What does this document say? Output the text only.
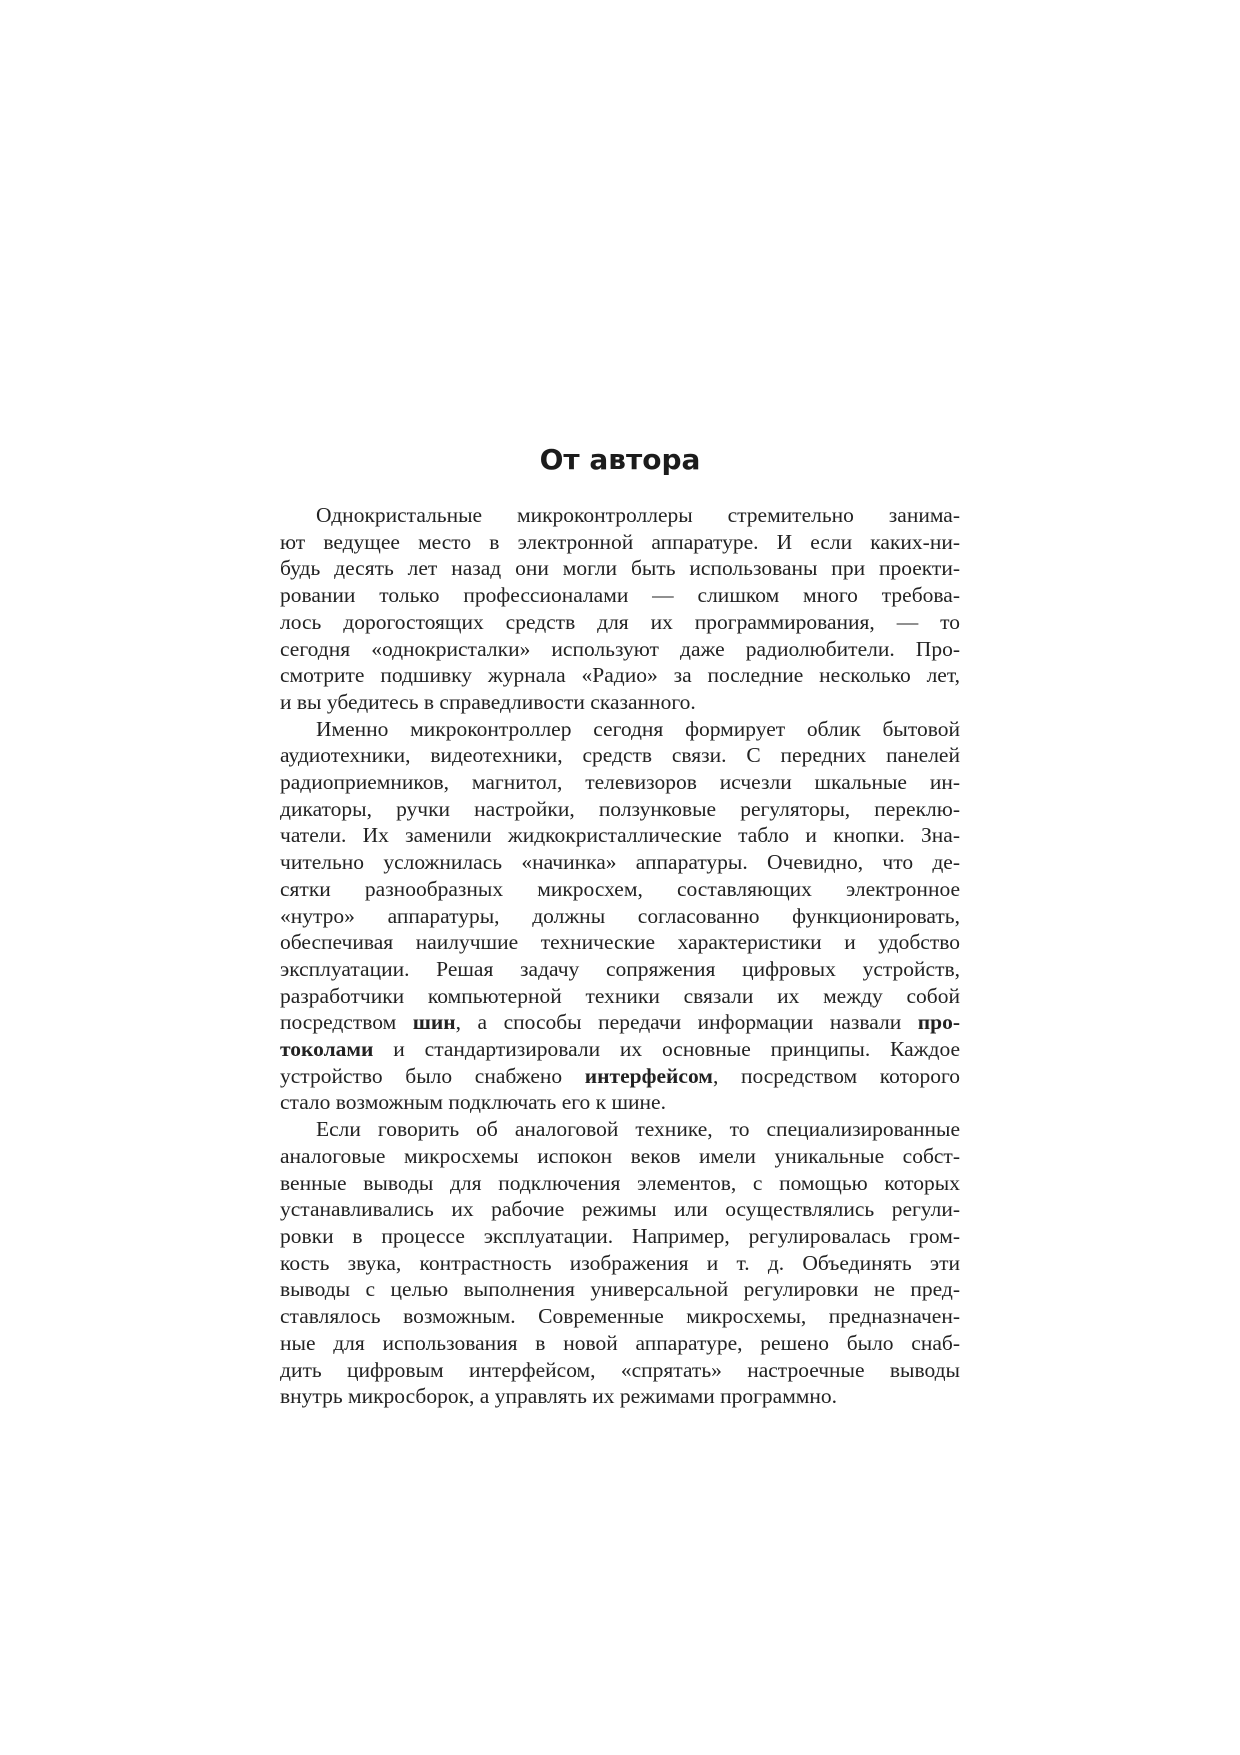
От автора

Однокристальные микроконтроллеры стремительно занима-
ют ведущее место в электронной аппаратуре. И если каких-ни-
будь десять лет назад они могли быть использованы при проекти-
ровании только профессионалами — слишком много требова-
лось дорогостоящих средств для их программирования, — то
сегодня «однокристалки» используют даже радиолюбители. Про-
смотрите подшивку журнала «Радио» за последние несколько лет,
и вы убедитесь в справедливости сказанного.

Именно микроконтроллер сегодня формирует облик бытовой
аудиотехники, видеотехники, средств связи. С передних панелей
радиоприемников, магнитол, телевизоров исчезли шкальные ин-
дикаторы, ручки настройки, ползунковые регуляторы, переклю-
чатели. Их заменили жидкокристаллические табло и кнопки. Зна-
чительно усложнилась «начинка» аппаратуры. Очевидно, что де-
сятки разнообразных микросхем, составляющих электронное
«нутро» аппаратуры, должны согласованно функционировать,
обеспечивая наилучшие технические характеристики и удобство
эксплуатации. Решая задачу сопряжения цифровых устройств,
разработчики компьютерной техники связали их между собой
посредством шин, а способы передачи информации назвали про-
токолами и стандартизировали их основные принципы. Каждое
устройство было снабжено интерфейсом, посредством которого
стало возможным подключать его к шине.

Если говорить об аналоговой технике, то специализированные
аналоговые микросхемы испокон веков имели уникальные собст-
венные выводы для подключения элементов, с помощью которых
устанавливались их рабочие режимы или осуществлялись регули-
ровки в процессе эксплуатации. Например, регулировалась гром-
кость звука, контрастность изображения и т. д. Объединять эти
выводы с целью выполнения универсальной регулировки не пред-
ставлялось возможным. Современные микросхемы, предназначен-
ные для использования в новой аппаратуре, решено было снаб-
дить цифровым интерфейсом, «спрятать» настроечные выводы
внутрь микросборок, а управлять их режимами программно.
